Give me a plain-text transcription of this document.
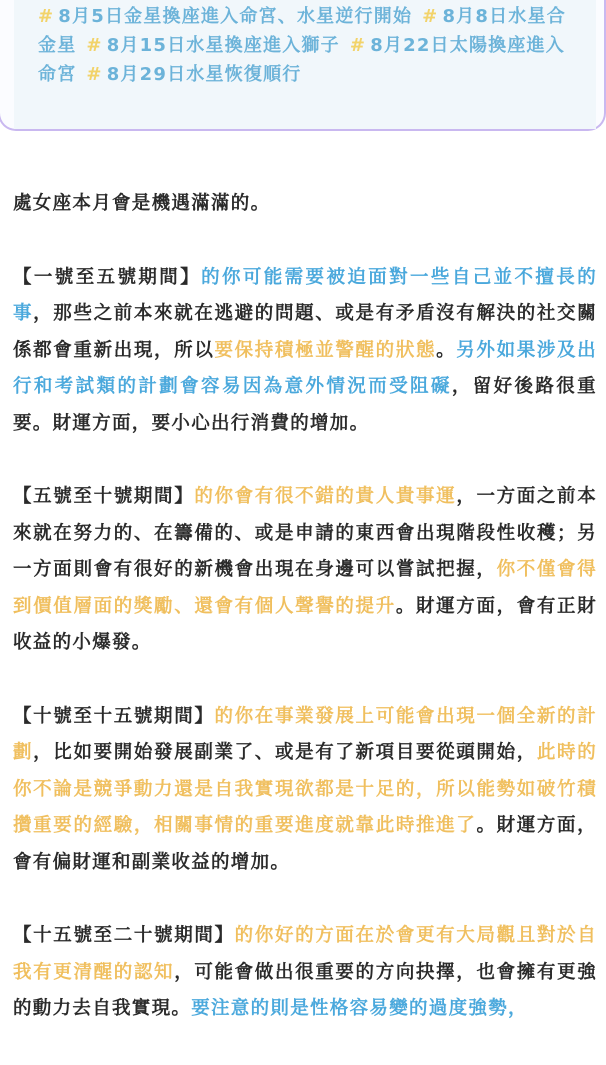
# 8月5日金星換座進入命宮、水星逆行開始 # 8月8日水星合金星 # 8月15日水星換座進入獅子 # 8月22日太陽換座進入命宮 # 8月29日水星恢復順行

處女座本月會是機遇滿滿的。

【一號至五號期間】的你可能需要被迫面對一些自己並不擅長的事，那些之前本來就在逃避的問題、或是有矛盾沒有解決的社交關係都會重新出現，所以要保持積極並警醒的狀態。另外如果涉及出行和考試類的計劃會容易因為意外情況而受阻礙，留好後路很重要。財運方面，要小心出行消費的增加。

【五號至十號期間】的你會有很不錯的貴人貴事運，一方面之前本來就在努力的、在籌備的、或是申請的東西會出現階段性收穫；另一方面則會有很好的新機會出現在身邊可以嘗試把握，你不僅會得到價值層面的獎勵、還會有個人聲譽的提升。財運方面，會有正財收益的小爆發。

【十號至十五號期間】的你在事業發展上可能會出現一個全新的計劃，比如要開始發展副業了、或是有了新項目要從頭開始，此時的你不論是競爭動力還是自我實現欲都是十足的，所以能勢如破竹積攢重要的經驗，相關事情的重要進度就靠此時推進了。財運方面，會有偏財運和副業收益的增加。

【十五號至二十號期間】的你好的方面在於會更有大局觀且對於自我有更清醒的認知，可能會做出很重要的方向抉擇，也會擁有更強的動力去自我實現。要注意的則是性格容易變的過度強勢，
